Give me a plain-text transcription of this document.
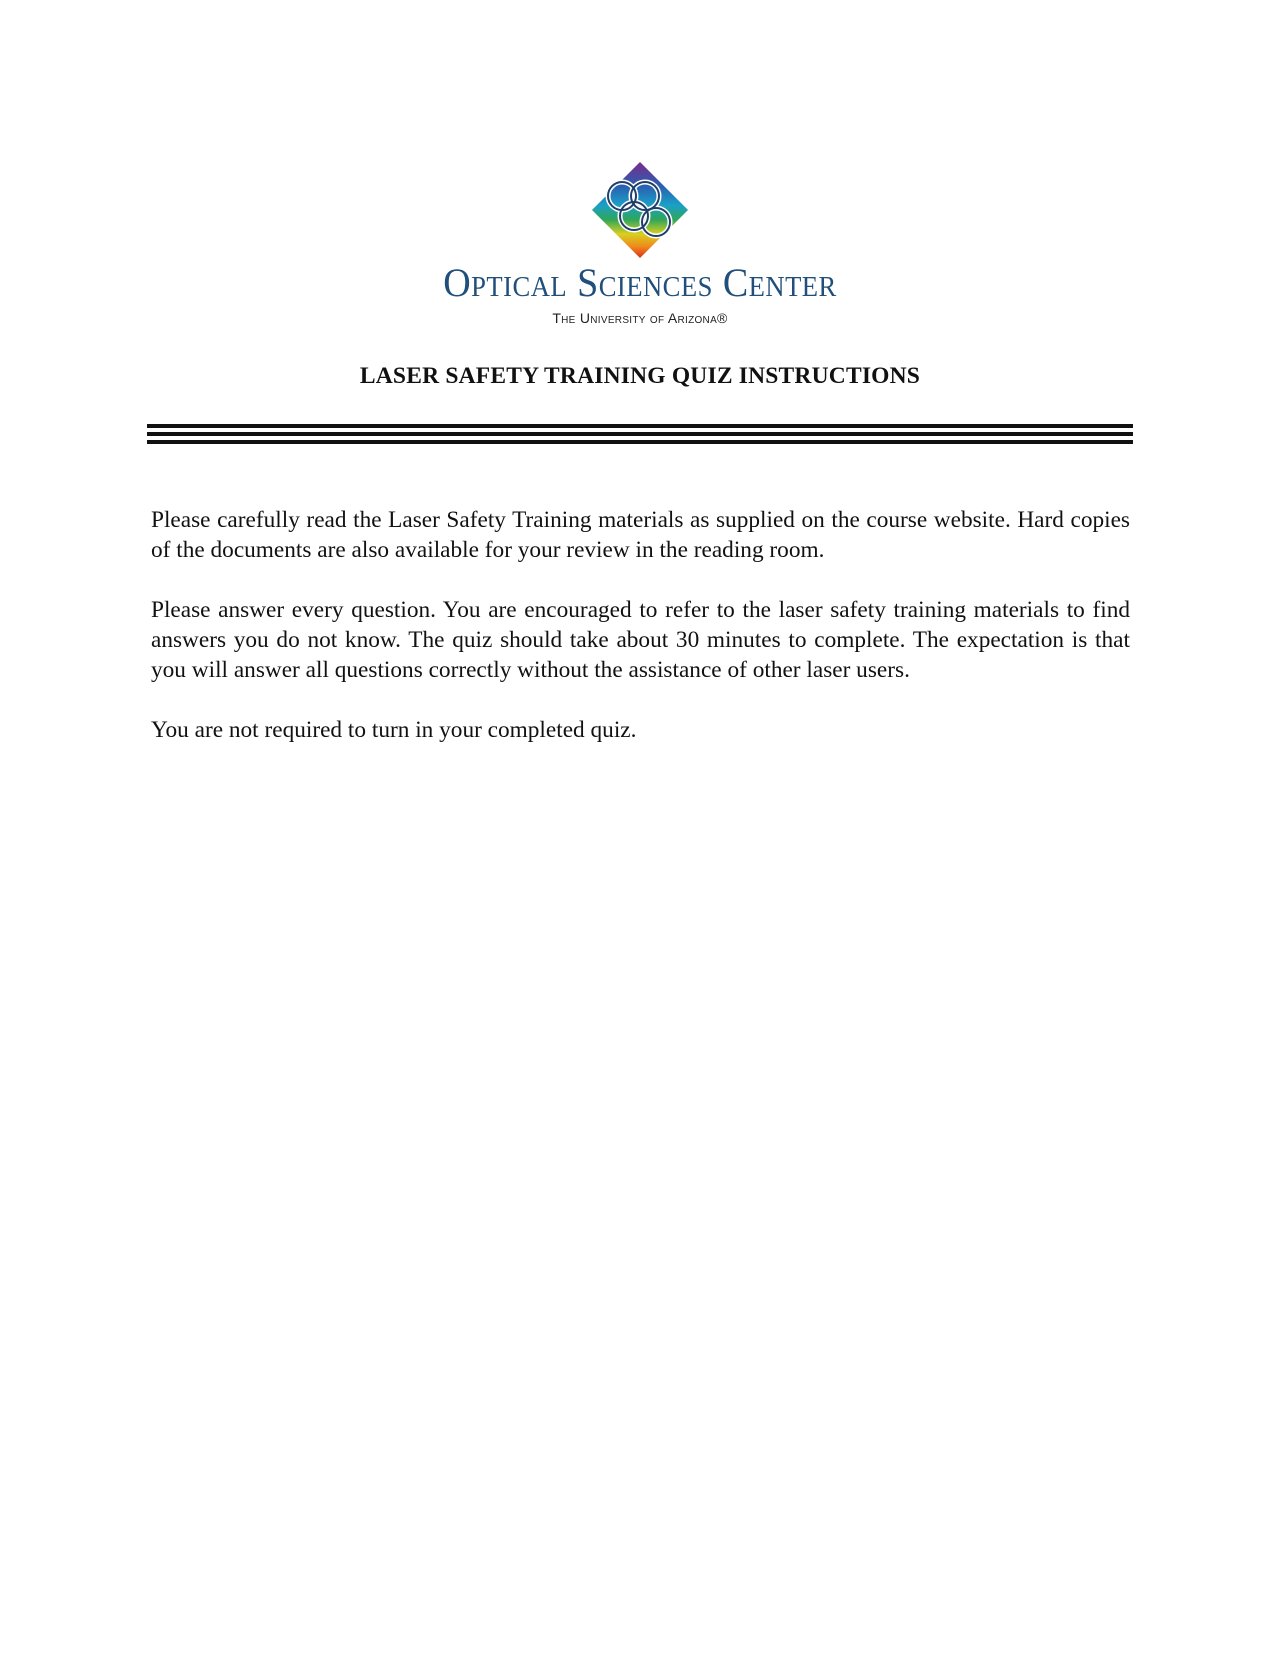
Optical Sciences Center
The University of Arizona®
LASER SAFETY TRAINING QUIZ INSTRUCTIONS

Please carefully read the Laser Safety Training materials as supplied on the course website. Hard copies of the documents are also available for your review in the reading room.

Please answer every question. You are encouraged to refer to the laser safety training materials to find answers you do not know. The quiz should take about 30 minutes to complete. The expectation is that you will answer all questions correctly without the assistance of other laser users.

You are not required to turn in your completed quiz.
